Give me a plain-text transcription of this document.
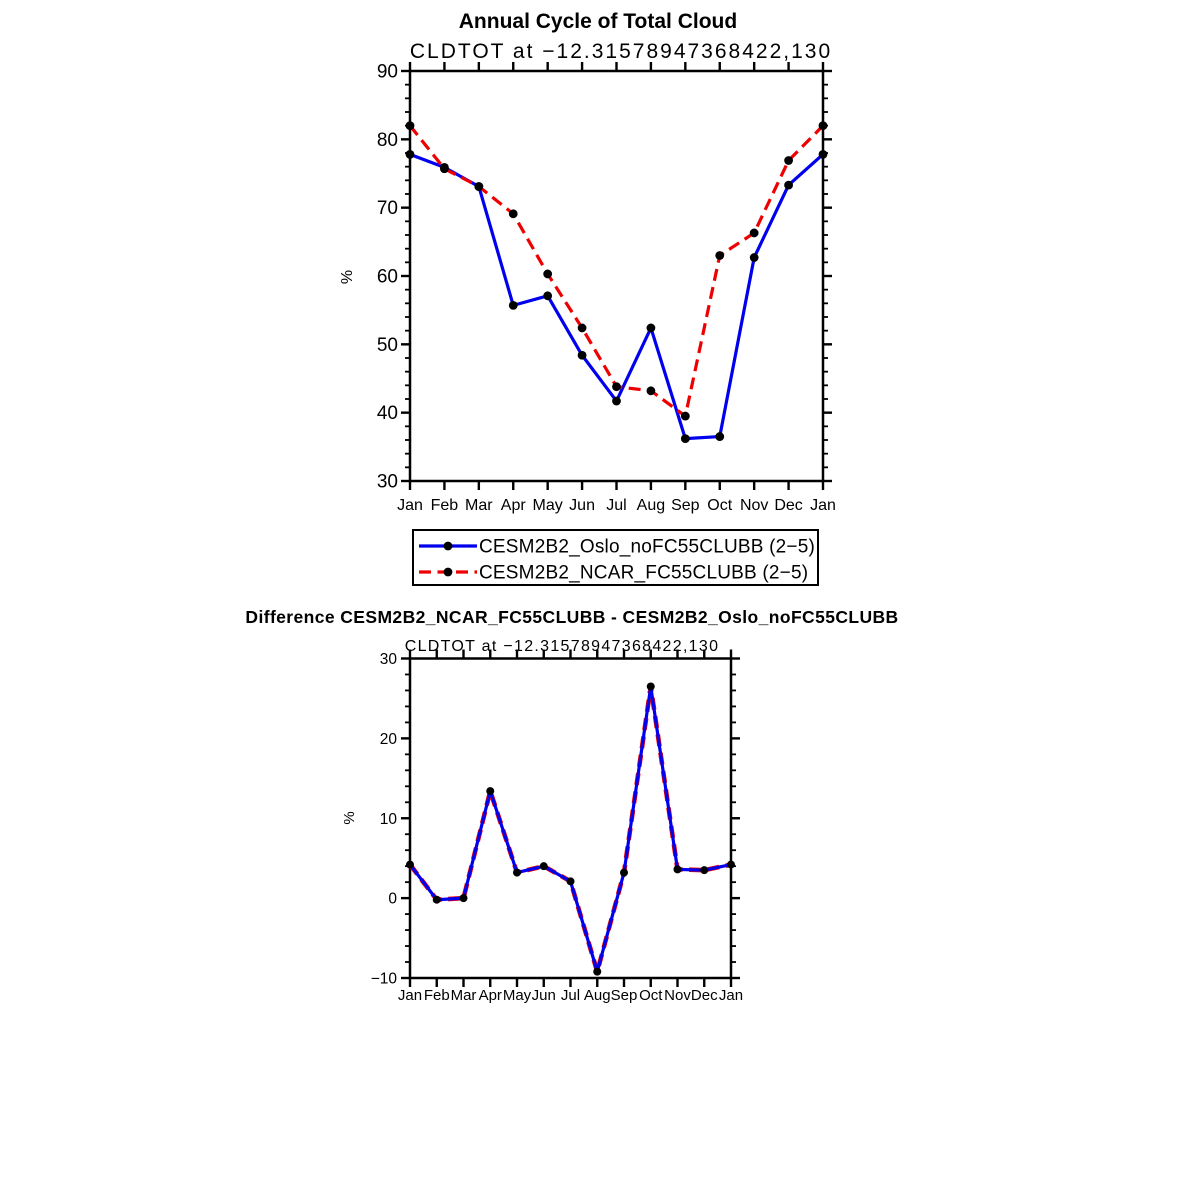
30
40
50
60
70
80
90
Jan Feb Mar Apr May Jun Jul Aug Sep Oct Nov Dec Jan
CESM2B2_Oslo_noFC55CLUBB (2−5)
CESM2B2_NCAR_FC55CLUBB (2−5)
−10
0
10
20
30
Jan Feb Mar Apr May Jun Jul Aug Sep Oct Nov Dec Jan
Annual Cycle of Total Cloud
CLDTOT at −12.31578947368422,130
%
Difference CESM2B2_NCAR_FC55CLUBB - CESM2B2_Oslo_noFC55CLUBB
CLDTOT at −12.31578947368422,130
%
